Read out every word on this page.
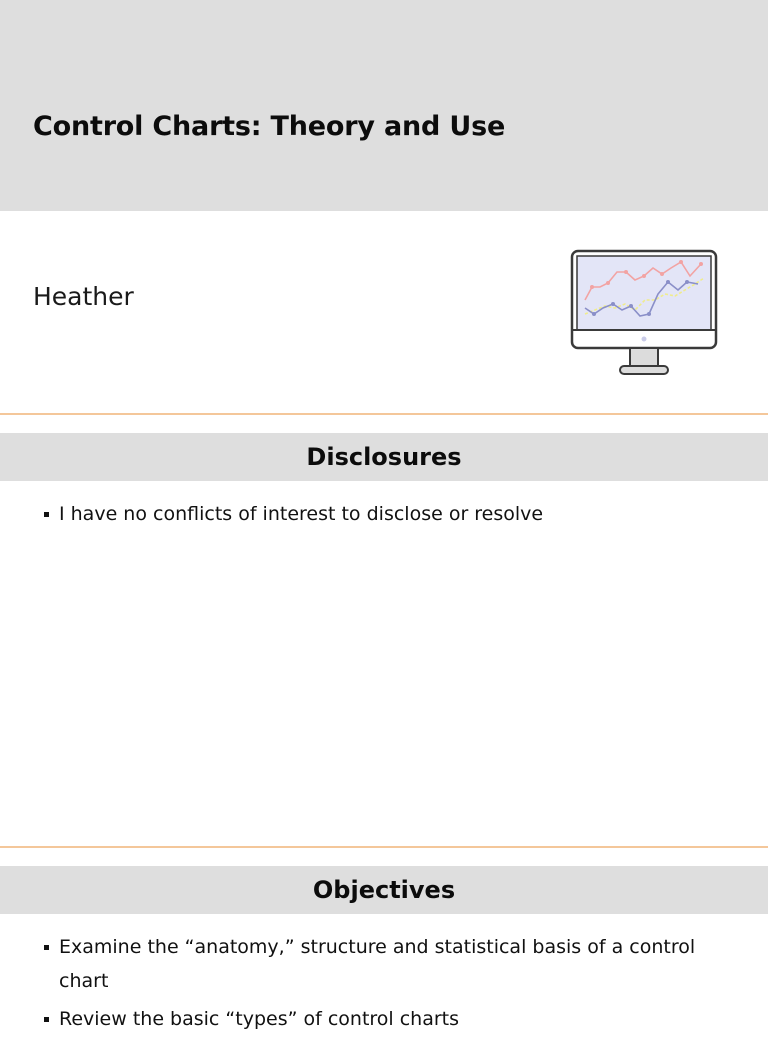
Control Charts: Theory and Use
Heather
Disclosures
I have no conflicts of interest to disclose or resolve
Objectives
Examine the “anatomy,” structure and statistical basis of a control chart
Review the basic “types” of control charts
